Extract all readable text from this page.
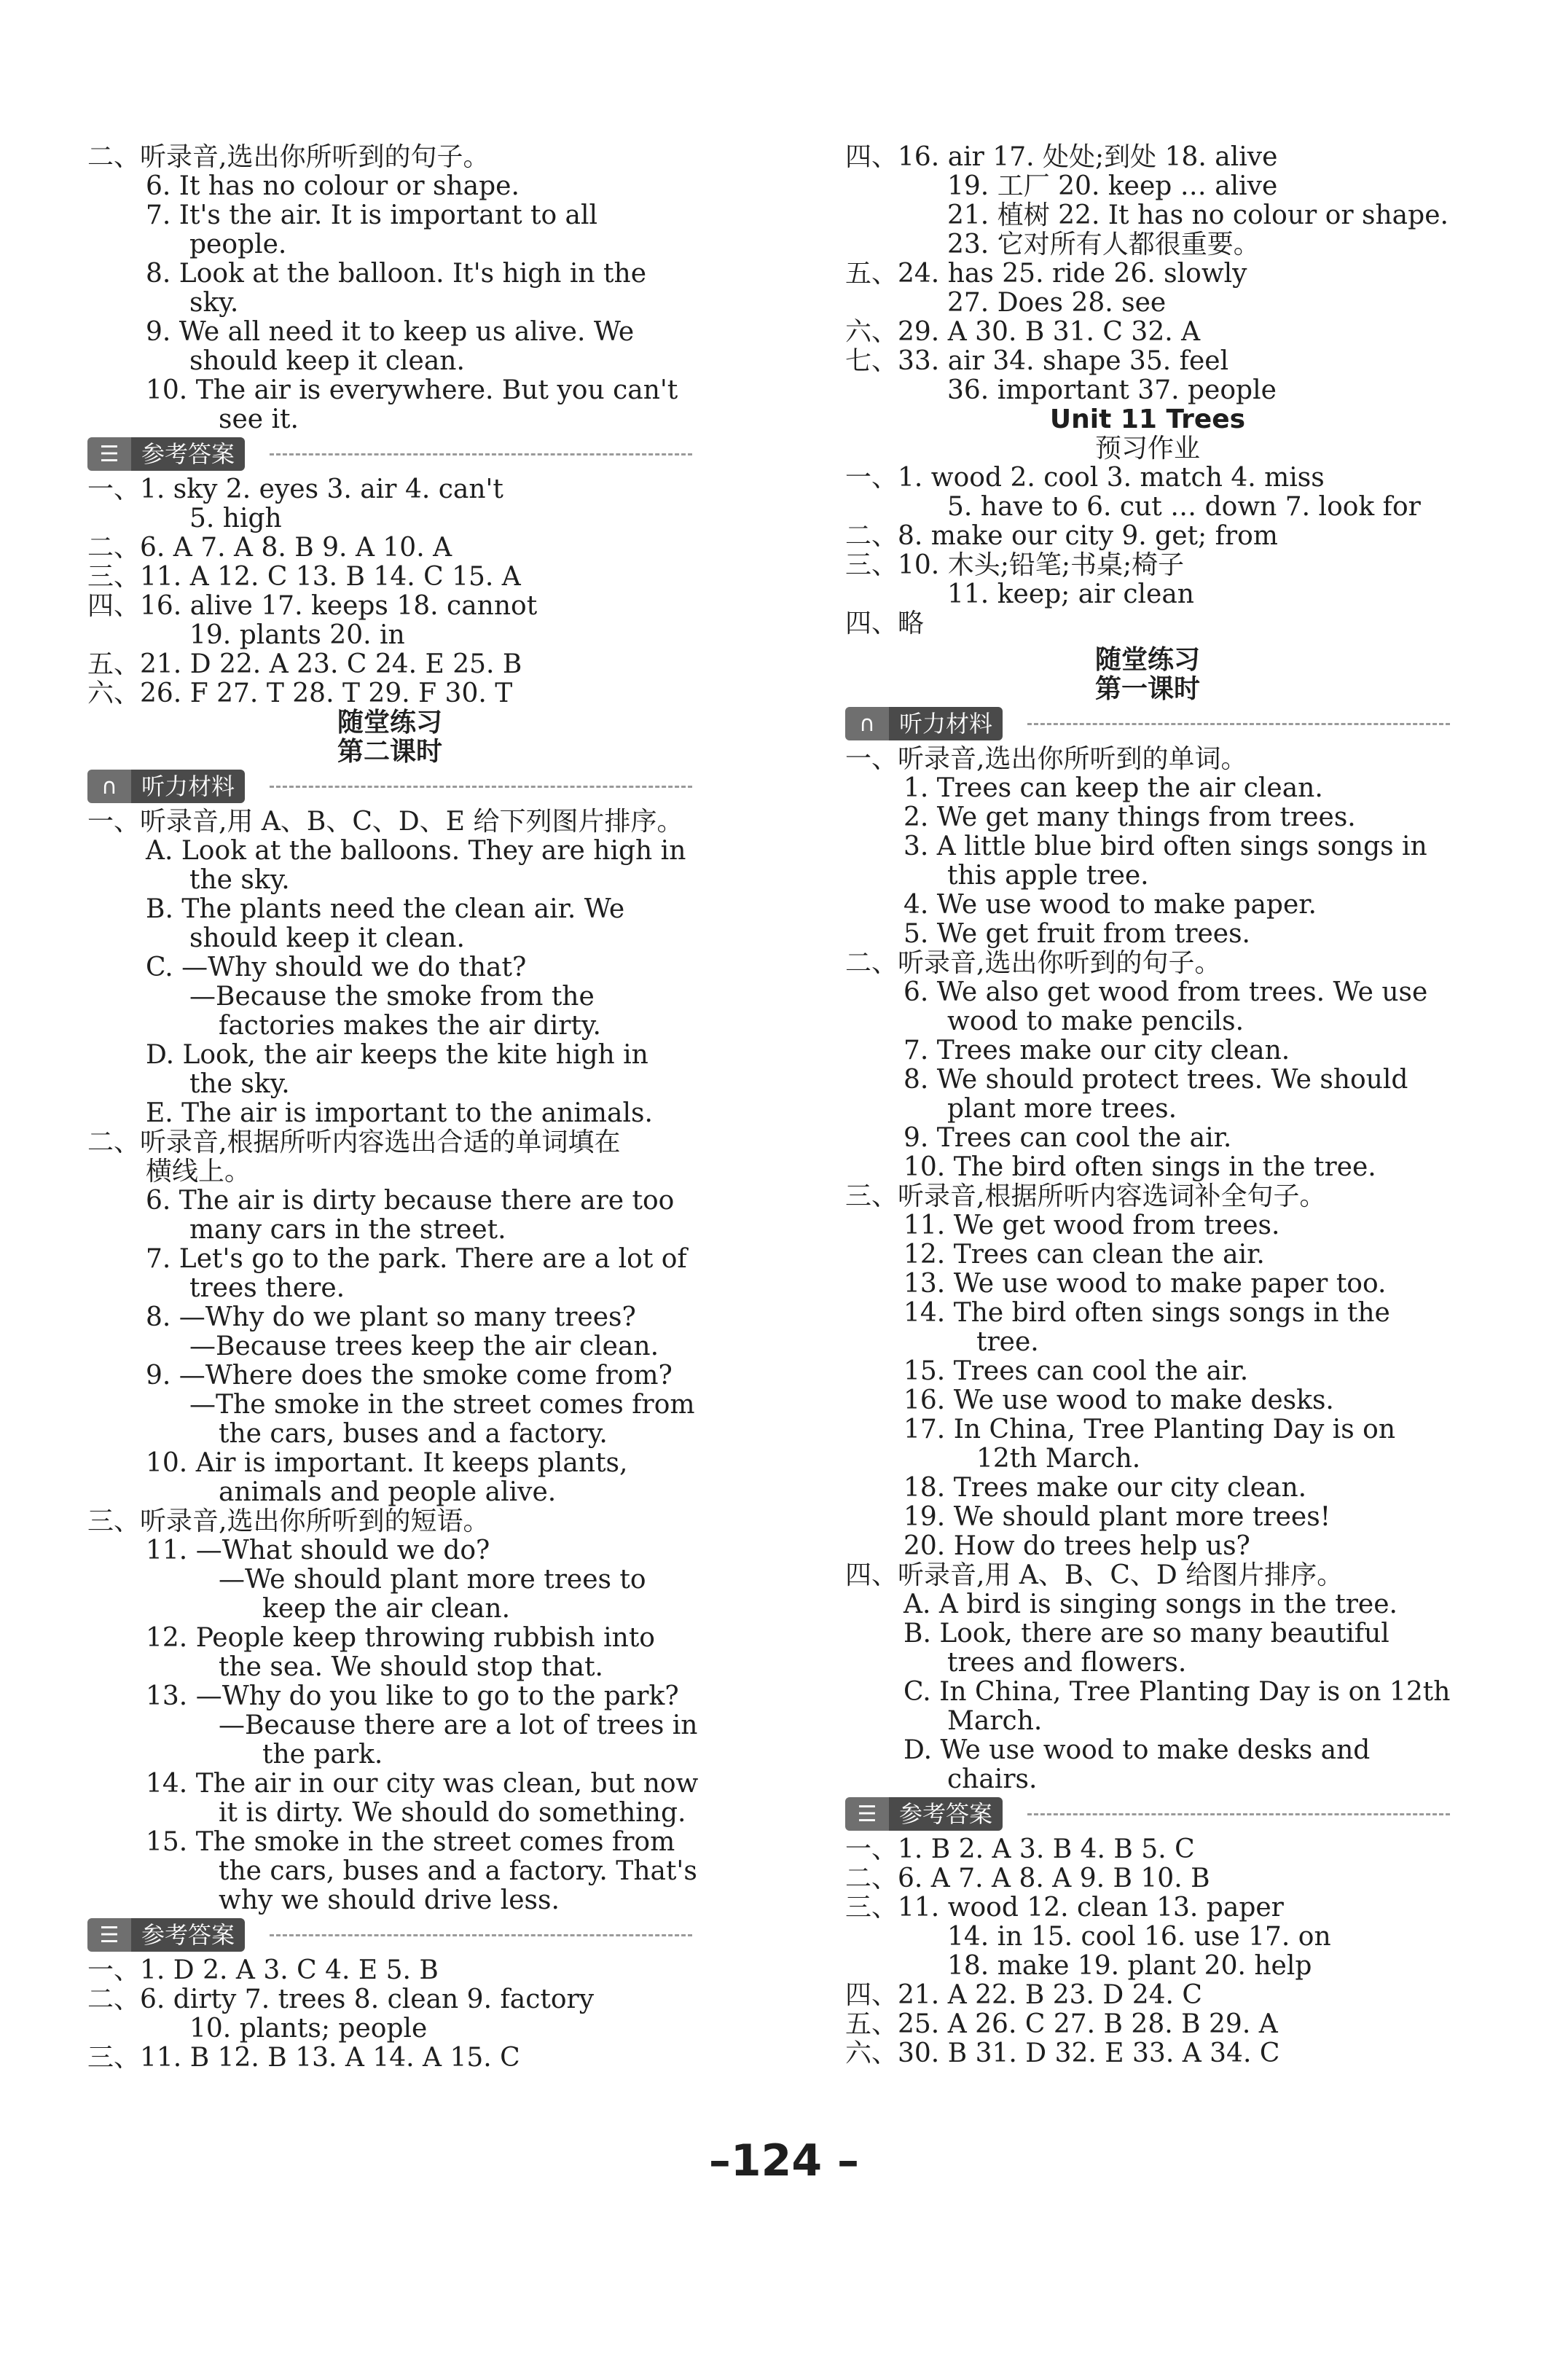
二、听录音,选出你所听到的句子。
6. It has no colour or shape.
7. It's the air. It is important to all
people.
8. Look at the balloon. It's high in the
sky.
9. We all need it to keep us alive. We
should keep it clean.
10. The air is everywhere. But you can't
see it.
☰ 参考答案
一、1. sky 2. eyes 3. air 4. can't
5. high
二、6. A 7. A 8. B 9. A 10. A
三、11. A 12. C 13. B 14. C 15. A
四、16. alive 17. keeps 18. cannot
19. plants 20. in
五、21. D 22. A 23. C 24. E 25. B
六、26. F 27. T 28. T 29. F 30. T
随堂练习
第二课时
∩	听力材料
一、听录音,用 A、B、C、D、E 给下列图片排序。
A. Look at the balloons. They are high in
the sky.
B. The plants need the clean air. We
should keep it clean.
C. —Why should we do that?
—Because the smoke from the
factories makes the air dirty.
D. Look, the air keeps the kite high in
the sky.
E. The air is important to the animals.
二、听录音,根据所听内容选出合适的单词填在
横线上。
6. The air is dirty because there are too
many cars in the street.
7. Let's go to the park. There are a lot of
trees there.
8. —Why do we plant so many trees?
—Because trees keep the air clean.
9. —Where does the smoke come from?
—The smoke in the street comes from
the cars, buses and a factory.
10. Air is important. It keeps plants,
animals and people alive.
三、听录音,选出你所听到的短语。
11. —What should we do?
—We should plant more trees to
keep the air clean.
12. People keep throwing rubbish into
the sea. We should stop that.
13. —Why do you like to go to the park?
—Because there are a lot of trees in
the park.
14. The air in our city was clean, but now
it is dirty. We should do something.
15. The smoke in the street comes from
the cars, buses and a factory. That's
why we should drive less.
☰ 参考答案
一、1. D 2. A 3. C 4. E 5. B
二、6. dirty 7. trees 8. clean 9. factory
10. plants; people
三、11. B 12. B 13. A 14. A 15. C
四、16. air 17. 处处;到处 18. alive
19. 工厂 20. keep … alive
21. 植树 22. It has no colour or shape.
23. 它对所有人都很重要。
五、24. has 25. ride 26. slowly
27. Does 28. see
六、29. A 30. B 31. C 32. A
七、33. air 34. shape 35. feel
36. important 37. people
Unit 11 Trees
预习作业
一、1. wood 2. cool 3. match 4. miss
5. have to 6. cut … down 7. look for
二、8. make our city 9. get; from
三、10. 木头;铅笔;书桌;椅子
11. keep; air clean
四、略
随堂练习
第一课时
∩	听力材料
一、听录音,选出你所听到的单词。
1. Trees can keep the air clean.
2. We get many things from trees.
3. A little blue bird often sings songs in
this apple tree.
4. We use wood to make paper.
5. We get fruit from trees.
二、听录音,选出你听到的句子。
6. We also get wood from trees. We use
wood to make pencils.
7. Trees make our city clean.
8. We should protect trees. We should
plant more trees.
9. Trees can cool the air.
10. The bird often sings in the tree.
三、听录音,根据所听内容选词补全句子。
11. We get wood from trees.
12. Trees can clean the air.
13. We use wood to make paper too.
14. The bird often sings songs in the
tree.
15. Trees can cool the air.
16. We use wood to make desks.
17. In China, Tree Planting Day is on
12th March.
18. Trees make our city clean.
19. We should plant more trees!
20. How do trees help us?
四、听录音,用 A、B、C、D 给图片排序。
A. A bird is singing songs in the tree.
B. Look, there are so many beautiful
trees and flowers.
C. In China, Tree Planting Day is on 12th
March.
D. We use wood to make desks and
chairs.
☰ 参考答案
一、1. B 2. A 3. B 4. B 5. C
二、6. A 7. A 8. A 9. B 10. B
三、11. wood 12. clean 13. paper
14. in 15. cool 16. use 17. on
18. make 19. plant 20. help
四、21. A 22. B 23. D 24. C
五、25. A 26. C 27. B 28. B 29. A
六、30. B 31. D 32. E 33. A 34. C
–124 –
